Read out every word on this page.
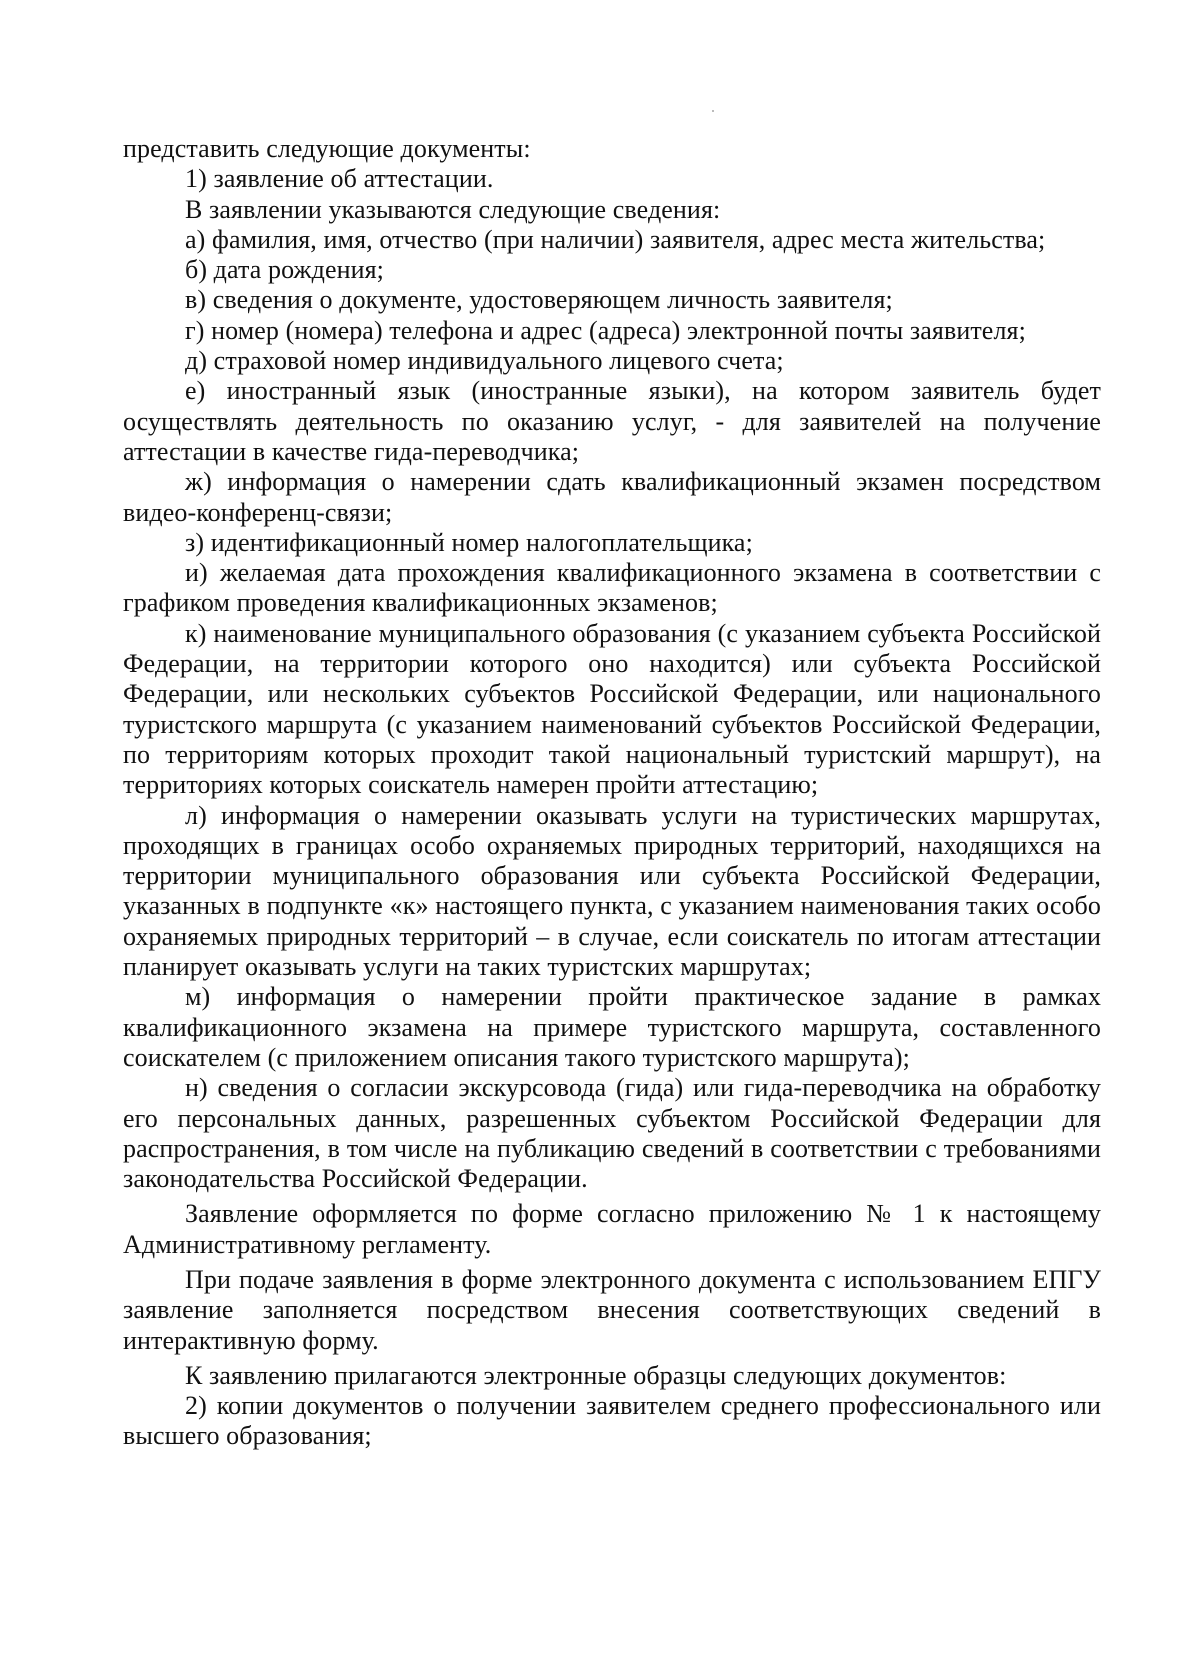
представить следующие документы:

1) заявление об аттестации.

В заявлении указываются следующие сведения:

а) фамилия, имя, отчество (при наличии) заявителя, адрес места жительства;

б) дата рождения;

в) сведения о документе, удостоверяющем личность заявителя;

г) номер (номера) телефона и адрес (адреса) электронной почты заявителя;

д) страховой номер индивидуального лицевого счета;

е) иностранный язык (иностранные языки), на котором заявитель будет осуществлять деятельность по оказанию услуг, - для заявителей на получение аттестации в качестве гида-переводчика;

ж) информация о намерении сдать квалификационный экзамен посредством видео-конференц-связи;

з) идентификационный номер налогоплательщика;

и) желаемая дата прохождения квалификационного экзамена в соответствии с графиком проведения квалификационных экзаменов;

к) наименование муниципального образования (с указанием субъекта Российской Федерации, на территории которого оно находится) или субъекта Российской Федерации, или нескольких субъектов Российской Федерации, или национального туристского маршрута (с указанием наименований субъектов Российской Федерации, по территориям которых проходит такой национальный туристский маршрут), на территориях которых соискатель намерен пройти аттестацию;

л) информация о намерении оказывать услуги на туристических маршрутах, проходящих в границах особо охраняемых природных территорий, находящихся на территории муниципального образования или субъекта Российской Федерации, указанных в подпункте «к» настоящего пункта, с указанием наименования таких особо охраняемых природных территорий – в случае, если соискатель по итогам аттестации планирует оказывать услуги на таких туристских маршрутах;

м) информация о намерении пройти практическое задание в рамках квалификационного экзамена на примере туристского маршрута, составленного соискателем (с приложением описания такого туристского маршрута);

н) сведения о согласии экскурсовода (гида) или гида-переводчика на обработку его персональных данных, разрешенных субъектом Российской Федерации для распространения, в том числе на публикацию сведений в соответствии с требованиями законодательства Российской Федерации.

Заявление оформляется по форме согласно приложению № 1 к настоящему Административному регламенту.

При подаче заявления в форме электронного документа с использованием ЕПГУ заявление заполняется посредством внесения соответствующих сведений в интерактивную форму.

К заявлению прилагаются электронные образцы следующих документов:

2) копии документов о получении заявителем среднего профессионального или высшего образования;
